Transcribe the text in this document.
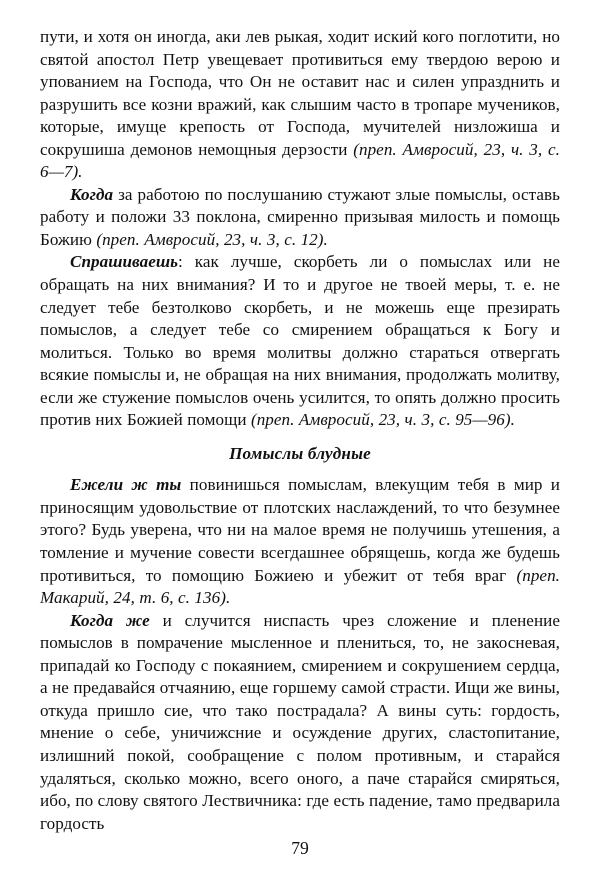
пути, и хотя он иногда, аки лев рыкая, ходит иский кого поглотити, но святой апостол Петр увещевает противиться ему твердою верою и упованием на Господа, что Он не оставит нас и силен упразднить и разрушить все козни вражий, как слышим часто в тропаре мучеников, которые, имуще крепость от Господа, мучителей низложиша и сокрушиша демонов немощныя дерзости (преп. Амвросий, 23, ч. 3, с. 6—7).

Когда за работою по послушанию стужают злые помыслы, оставь работу и положи 33 поклона, смиренно призывая милость и помощь Божию (преп. Амвросий, 23, ч. 3, с. 12).

Спрашиваешь: как лучше, скорбеть ли о помыслах или не обращать на них внимания? И то и другое не твоей меры, т. е. не следует тебе безтолково скорбеть, и не можешь еще презирать помыслов, а следует тебе со смирением обращаться к Богу и молиться. Только во время молитвы должно стараться отвергать всякие помыслы и, не обращая на них внимания, продолжать молитву, если же стужение помыслов очень усилится, то опять должно просить против них Божией помощи (преп. Амвросий, 23, ч. 3, с. 95—96).

Помыслы блудные

Ежели ж ты повинишься помыслам, влекущим тебя в мир и приносящим удовольствие от плотских наслаждений, то что безумнее этого? Будь уверена, что ни на малое время не получишь утешения, а томление и мучение совести всегдашнее обрящешь, когда же будешь противиться, то помощию Божиею и убежит от тебя враг (преп. Макарий, 24, т. 6, с. 136).

Когда же и случится ниспасть чрез сложение и пленение помыслов в помрачение мысленное и плениться, то, не закосневая, припадай ко Господу с покаянием, смирением и сокрушением сердца, а не предавайся отчаянию, еще горшему самой страсти. Ищи же вины, откуда пришло сие, что тако пострадала? А вины суть: гордость, мнение о себе, уничижсние и осуждение других, сластопитание, излишний покой, сообращение с полом противным, и старайся удаляться, сколько можно, всего оного, а паче старайся смиряться, ибо, по слову святого Лествичника: где есть падение, тамо предварила гордость

79
